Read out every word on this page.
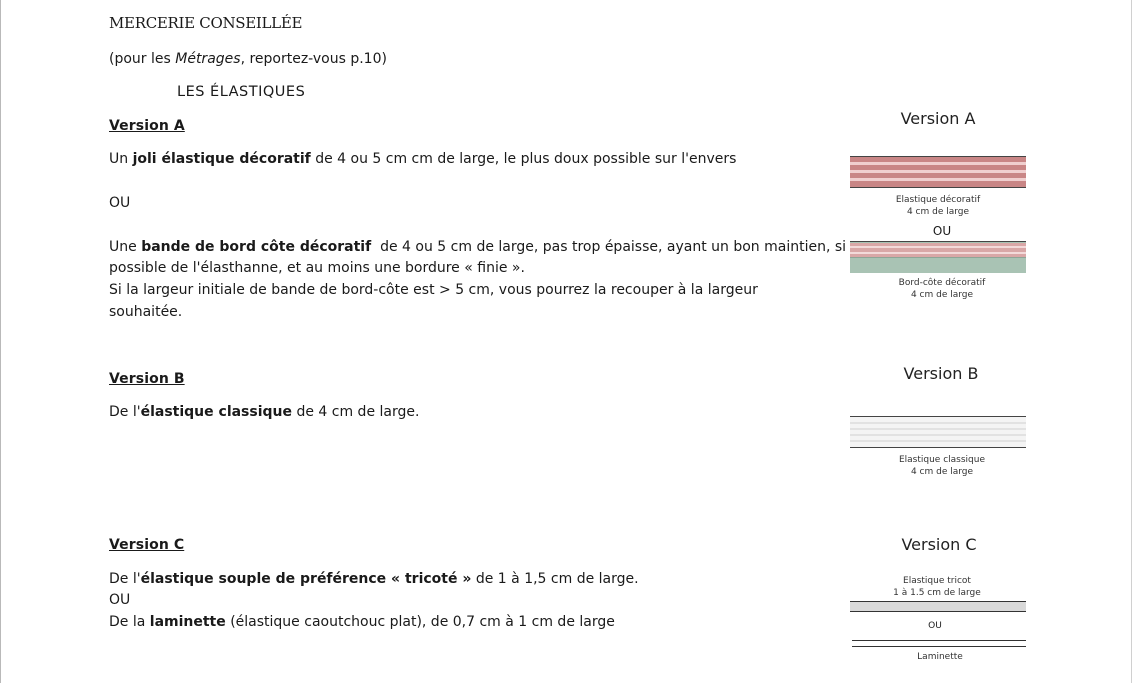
MERCERIE CONSEILLÉE
(pour les Métrages, reportez-vous p.10)
LES ÉLASTIQUES
Version A
Un joli élastique décoratif de 4 ou 5 cm cm de large, le plus doux possible sur l'envers
OU
Une bande de bord côte décoratif  de 4 ou 5 cm de large, pas trop épaisse, ayant un bon maintien, si
possible de l'élasthanne, et au moins une bordure « finie ».
Si la largeur initiale de bande de bord-côte est > 5 cm, vous pourrez la recouper à la largeur
souhaitée.
Version B
De l'élastique classique de 4 cm de large.
Version C
De l'élastique souple de préférence « tricoté » de 1 à 1,5 cm de large.
OU
De la laminette (élastique caoutchouc plat), de 0,7 cm à 1 cm de large
Version A
Elastique décoratif
4 cm de large
OU
Bord-côte décoratif
4 cm de large
Version B
Elastique classique
4 cm de large
Version C
Elastique tricot
1 à 1.5 cm de large
OU
Laminette
